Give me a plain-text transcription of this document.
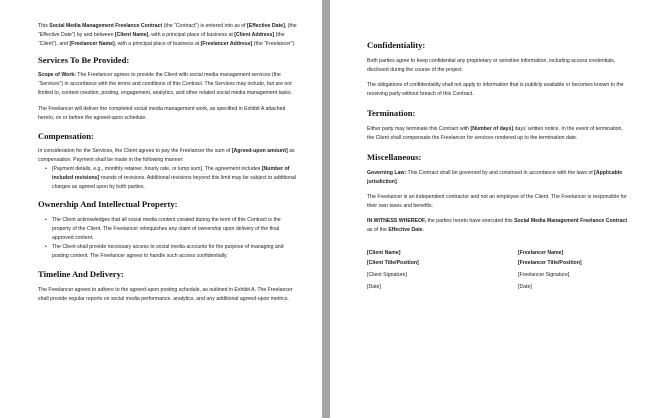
This Social Media Management Freelance Contract (the “Contract”) is entered into as of [Effective Date], (the “Effective Date”) by and between [Client Name], with a principal place of business at [Client Address] (the “Client”), and [Freelancer Name], with a principal place of business at [Freelancer Address] (the “Freelancer”).

Services To Be Provided:

Scope of Work: The Freelancer agrees to provide the Client with social media management services (the “Services”) in accordance with the terms and conditions of this Contract. The Services may include, but are not limited to, content creation, posting, engagement, analytics, and other related social media management tasks.

The Freelancer will deliver the completed social media management work, as specified in Exhibit A attached hereto, on or before the agreed-upon schedule.

Compensation:

In consideration for the Services, the Client agrees to pay the Freelancer the sum of [Agreed-upon amount] as compensation. Payment shall be made in the following manner:

• [Payment details, e.g., monthly retainer, hourly rate, or lump sum]. The agreement includes [Number of included revisions] rounds of revisions. Additional revisions beyond this limit may be subject to additional charges as agreed upon by both parties.
Ownership And Intellectual Property:
• The Client acknowledges that all social media content created during the term of this Contract is the property of the Client. The Freelancer relinquishes any claim of ownership upon delivery of the final approved content.
• The Client shall provide necessary access to social media accounts for the purpose of managing and posting content. The Freelancer agrees to handle such access confidentially.
Timeline And Delivery:

The Freelancer agrees to adhere to the agreed-upon posting schedule, as outlined in Exhibit A. The Freelancer shall provide regular reports on social media performance, analytics, and any additional agreed-upon metrics.

Confidentiality:

Both parties agree to keep confidential any proprietary or sensitive information, including access credentials, disclosed during the course of the project.

The obligations of confidentiality shall not apply to information that is publicly available or becomes known to the receiving party without breach of this Contract.

Termination:

Either party may terminate this Contract with [Number of days] days’ written notice. In the event of termination, the Client shall compensate the Freelancer for services rendered up to the termination date.

Miscellaneous:

Governing Law: This Contract shall be governed by and construed in accordance with the laws of [Applicable jurisdiction].

The Freelancer is an independent contractor and not an employee of the Client. The Freelancer is responsible for their own taxes and benefits.

IN WITNESS WHEREOF, the parties hereto have executed this Social Media Management Freelance Contract as of the Effective Date.

[Client Name]	[Freelancer Name]
[Client Title/Position]	[Freelancer Title/Position]
[Client Signature]	[Freelancer Signature]
[Date]	[Date]
